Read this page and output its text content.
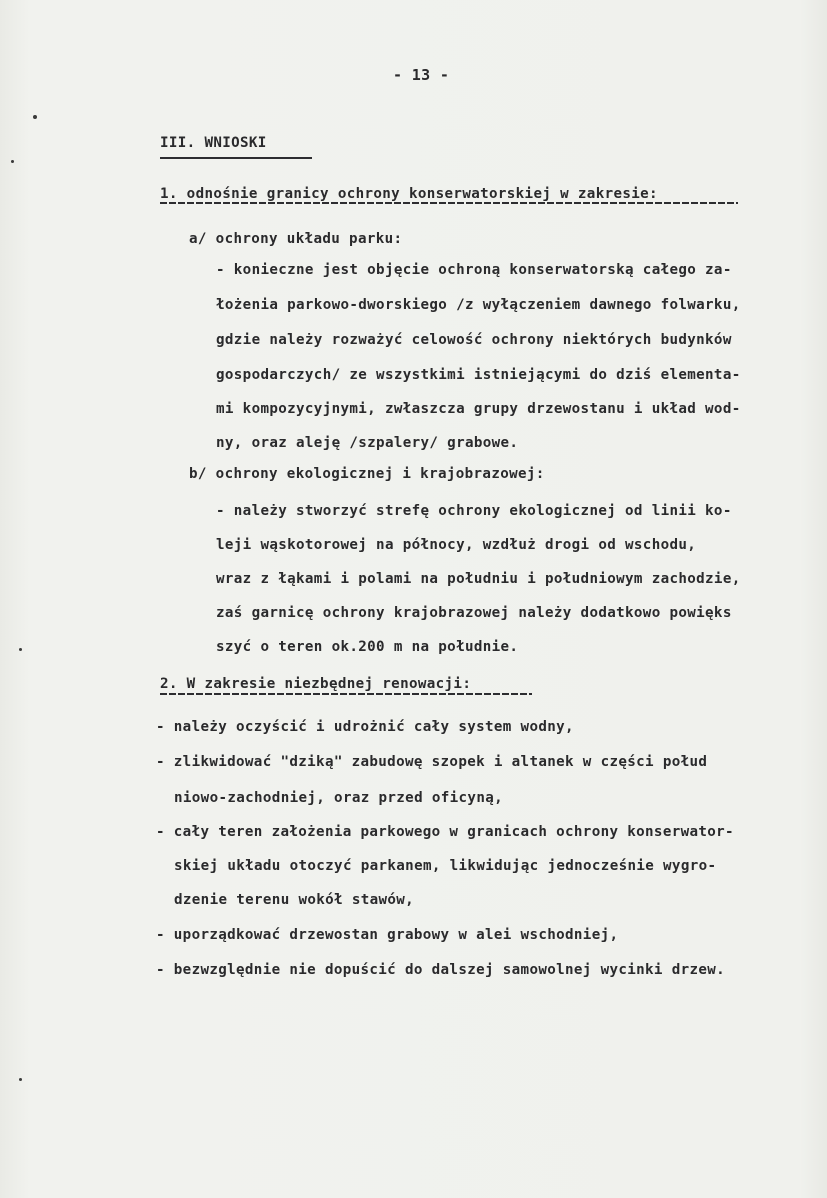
- 13 -
III. WNIOSKI
1. odnośnie granicy ochrony konserwatorskiej w zakresie:
a/ ochrony układu parku:
- konieczne jest objęcie ochroną konserwatorską całego za-
łożenia parkowo-dworskiego /z wyłączeniem dawnego folwarku,
gdzie należy rozważyć celowość ochrony niektórych budynków
gospodarczych/ ze wszystkimi istniejącymi do dziś elementa-
mi kompozycyjnymi, zwłaszcza grupy drzewostanu i układ wod-
ny, oraz aleję /szpalery/ grabowe.
b/ ochrony ekologicznej i krajobrazowej:
- należy stworzyć strefę ochrony ekologicznej od linii ko-
leji wąskotorowej na północy, wzdłuż drogi od wschodu,
wraz z łąkami i polami na południu i południowym zachodzie,
zaś garnicę ochrony krajobrazowej należy dodatkowo powięks
szyć o teren ok.200 m na południe.
2. W zakresie niezbędnej renowacji:
- należy oczyścić i udrożnić cały system wodny,
- zlikwidować "dziką" zabudowę szopek i altanek w części połud
niowo-zachodniej, oraz przed oficyną,
- cały teren założenia parkowego w granicach ochrony konserwator-
skiej układu otoczyć parkanem, likwidując jednocześnie wygro-
dzenie terenu wokół stawów,
- uporządkować drzewostan grabowy w alei wschodniej,
- bezwzględnie nie dopuścić do dalszej samowolnej wycinki drzew.
